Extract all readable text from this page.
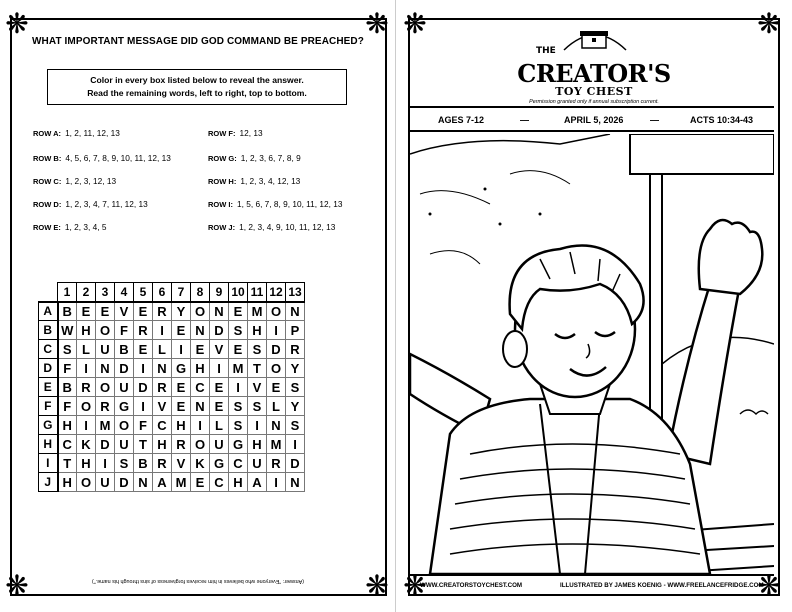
❋	❋
❋	❋
WHAT IMPORTANT MESSAGE DID GOD COMMAND BE PREACHED?
Color in every box listed below to reveal the answer.
Read the remaining words, left to right, top to bottom.
ROW A: 1, 2, 11, 12, 13
ROW B: 4, 5, 6, 7, 8, 9, 10, 11, 12, 13
ROW C: 1, 2, 3, 12, 13
ROW D: 1, 2, 3, 4, 7, 11, 12, 13
ROW E: 1, 2, 3, 4, 5
ROW F: 12, 13
ROW G: 1, 2, 3, 6, 7, 8, 9
ROW H: 1, 2, 3, 4, 12, 13
ROW I: 1, 5, 6, 7, 8, 9, 10, 11, 12, 13
ROW J: 1, 2, 3, 4, 9, 10, 11, 12, 13
	1	2	3	4	5	6	7	8	9	10	11	12	13
A	B	E	E	V	E	R	Y	O	N	E	M	O	N
B	W	H	O	F	R	I	E	N	D	S	H	I	P
C	S	L	U	B	E	L	I	E	V	E	S	D	R
D	F	I	N	D	I	N	G	H	I	M	T	O	Y
E	B	R	O	U	D	R	E	C	E	I	V	E	S
F	F	O	R	G	I	V	E	N	E	S	S	L	Y
G	H	I	M	O	F	C	H	I	L	S	I	N	S
H	C	K	D	U	T	H	R	O	U	G	H	M	I
I	T	H	I	S	B	R	V	K	G	C	U	R	D
J	H	O	U	D	N	A	M	E	C	H	A	I	N
(Answer: "Everyone who believes in him receives forgiveness of sins through his name.")
❋	❋
❋	❋
THE
CREATOR'S
TOY CHEST
Permission granted only if annual subscription current.
AGES 7-12	—	APRIL 5, 2026	—	ACTS 10:34-43
WWW.CREATORSTOYCHEST.COM	ILLUSTRATED BY JAMES KOENIG - WWW.FREELANCEFRIDGE.COM
